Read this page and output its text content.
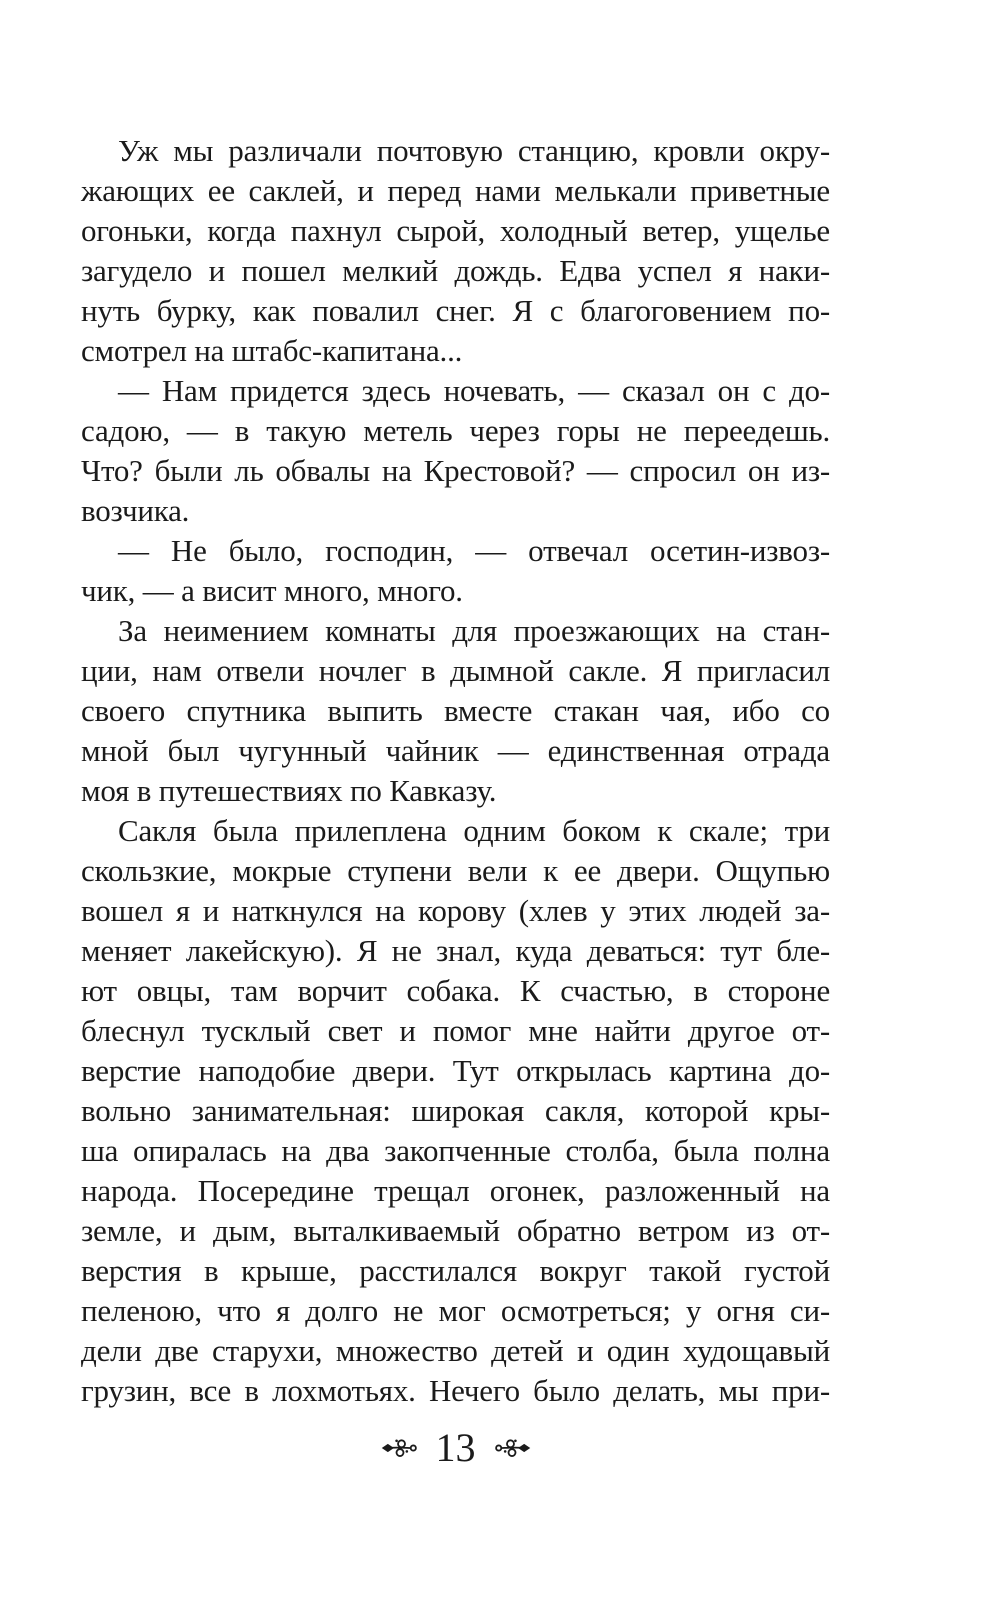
Уж мы различали почтовую станцию, кровли окру-
жающих ее саклей, и перед нами мелькали приветные
огоньки, когда пахнул сырой, холодный ветер, ущелье
загудело и пошел мелкий дождь. Едва успел я наки-
нуть бурку, как повалил снег. Я с благоговением по-
смотрел на штабс-капитана...
— Нам придется здесь ночевать, — сказал он с до-
садою, — в такую метель через горы не переедешь.
Что? были ль обвалы на Крестовой? — спросил он из-
возчика.
— Не было, господин, — отвечал осетин-извоз-
чик, — а висит много, много.
За неимением комнаты для проезжающих на стан-
ции, нам отвели ночлег в дымной сакле. Я пригласил
своего спутника выпить вместе стакан чая, ибо со
мной был чугунный чайник — единственная отрада
моя в путешествиях по Кавказу.
Сакля была прилеплена одним боком к скале; три
скользкие, мокрые ступени вели к ее двери. Ощупью
вошел я и наткнулся на корову (хлев у этих людей за-
меняет лакейскую). Я не знал, куда деваться: тут бле-
ют овцы, там ворчит собака. К счастью, в стороне
блеснул тусклый свет и помог мне найти другое от-
верстие наподобие двери. Тут открылась картина до-
вольно занимательная: широкая сакля, которой кры-
ша опиралась на два закопченные столба, была полна
народа. Посередине трещал огонек, разложенный на
земле, и дым, выталкиваемый обратно ветром из от-
верстия в крыше, расстилался вокруг такой густой
пеленою, что я долго не мог осмотреться; у огня си-
дели две старухи, множество детей и один худощавый
грузин, все в лохмотьях. Нечего было делать, мы при-
13
